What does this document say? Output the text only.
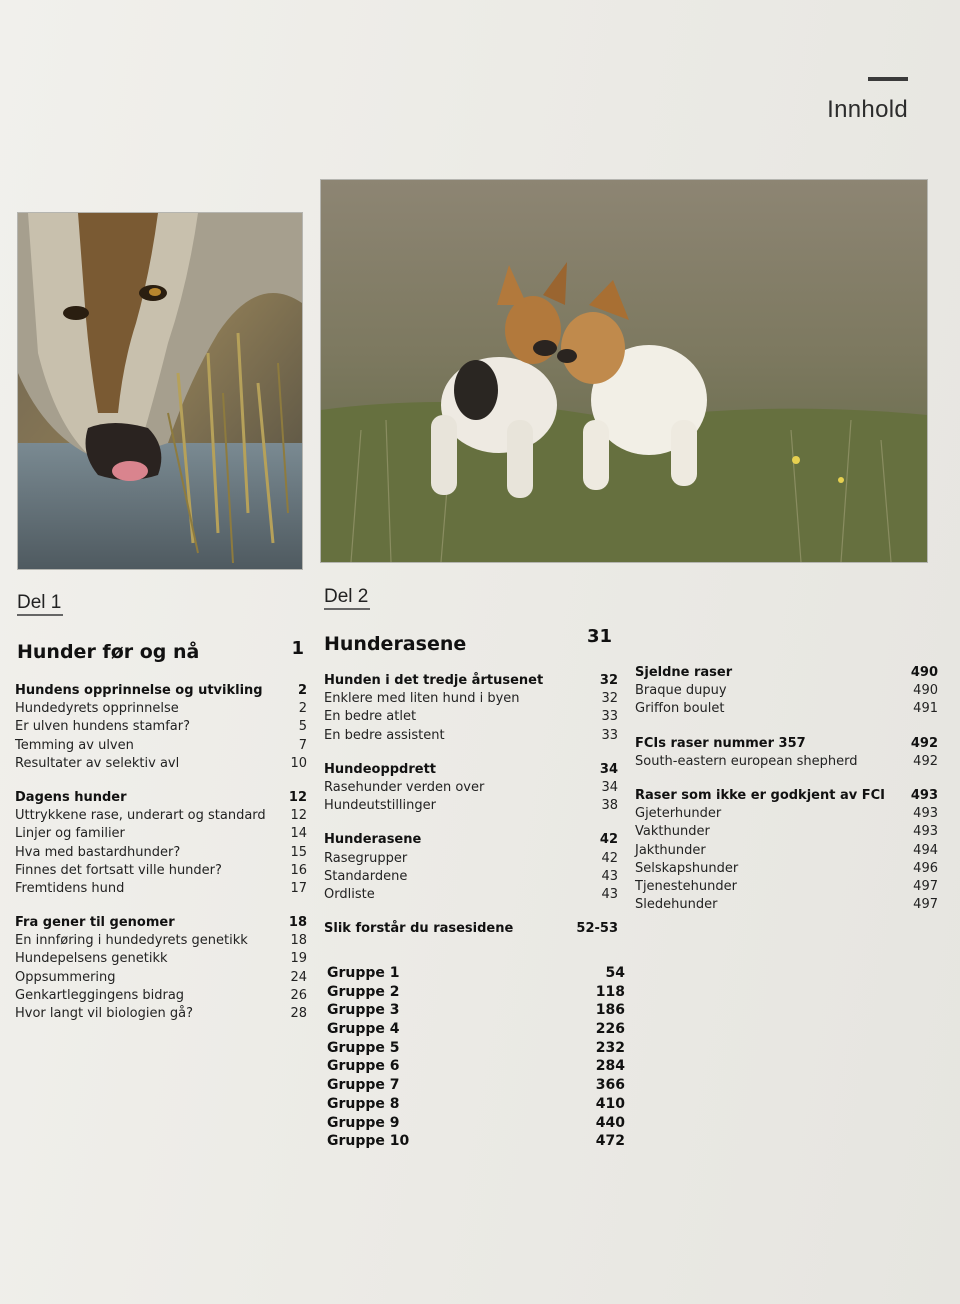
Innhold
Del 1
Hunder før og nå	1
Hundens opprinnelse og utvikling	2
Hundedyrets opprinnelse	2
Er ulven hundens stamfar?	5
Temming av ulven	7
Resultater av selektiv avl	10
Dagens hunder	12
Uttrykkene rase, underart og standard 12
Linjer og familier	14
Hva med bastardhunder?	15
Finnes det fortsatt ville hunder?	16
Fremtidens hund	17
Fra gener til genomer	18
En innføring i hundedyrets genetikk	18
Hundepelsens genetikk	19
Oppsummering	24
Genkartleggingens bidrag	26
Hvor langt vil biologien gå?	28
Del 2
Hunderasene	31
Hunden i det tredje årtusenet	32
Enklere med liten hund i byen	32
En bedre atlet	33
En bedre assistent	33
Hundeoppdrett	34
Rasehunder verden over	34
Hundeutstillinger	38
Hunderasene	42
Rasegrupper	42
Standardene	43
Ordliste	43
Slik forstår du rasesidene	52-53
Gruppe 1	54
Gruppe 2	118
Gruppe 3	186
Gruppe 4	226
Gruppe 5	232
Gruppe 6	284
Gruppe 7	366
Gruppe 8	410
Gruppe 9	440
Gruppe 10	472
Sjeldne raser	490
Braque dupuy	490
Griffon boulet	491
FCIs raser nummer 357	492
South-eastern european shepherd	492
Raser som ikke er godkjent av FCI 493
Gjeterhunder	493
Vakthunder	493
Jakthunder	494
Selskapshunder	496
Tjenestehunder	497
Sledehunder	497
